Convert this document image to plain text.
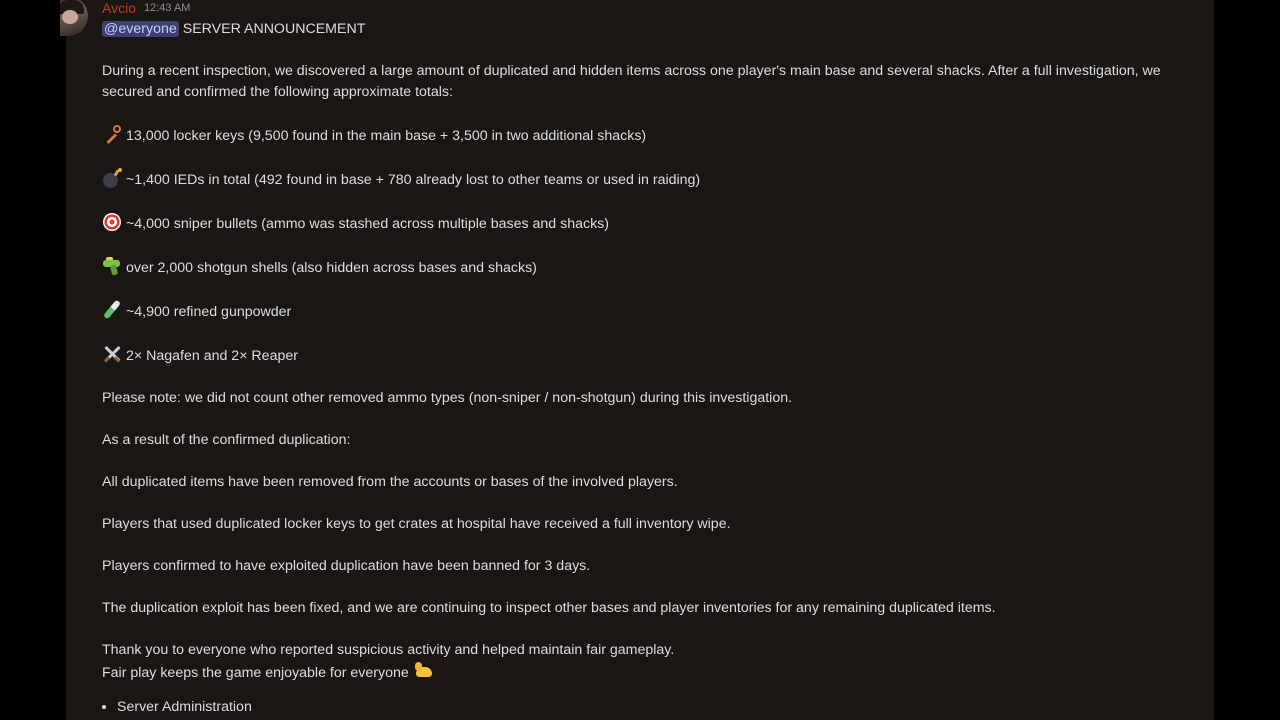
Avcio 12:43 AM
@everyone SERVER ANNOUNCEMENT
During a recent inspection, we discovered a large amount of duplicated and hidden items across one player's main base and several shacks. After a full investigation, we secured and confirmed the following approximate totals:
13,000 locker keys (9,500 found in the main base + 3,500 in two additional shacks)
~1,400 IEDs in total (492 found in base + 780 already lost to other teams or used in raiding)
~4,000 sniper bullets (ammo was stashed across multiple bases and shacks)
over 2,000 shotgun shells (also hidden across bases and shacks)
~4,900 refined gunpowder
2× Nagafen and 2× Reaper
Please note: we did not count other removed ammo types (non-sniper / non-shotgun) during this investigation.
As a result of the confirmed duplication:
All duplicated items have been removed from the accounts or bases of the involved players.
Players that used duplicated locker keys to get crates at hospital have received a full inventory wipe.
Players confirmed to have exploited duplication have been banned for 3 days.
The duplication exploit has been fixed, and we are continuing to inspect other bases and player inventories for any remaining duplicated items.
Thank you to everyone who reported suspicious activity and helped maintain fair gameplay.
Fair play keeps the game enjoyable for everyone
• Server Administration
